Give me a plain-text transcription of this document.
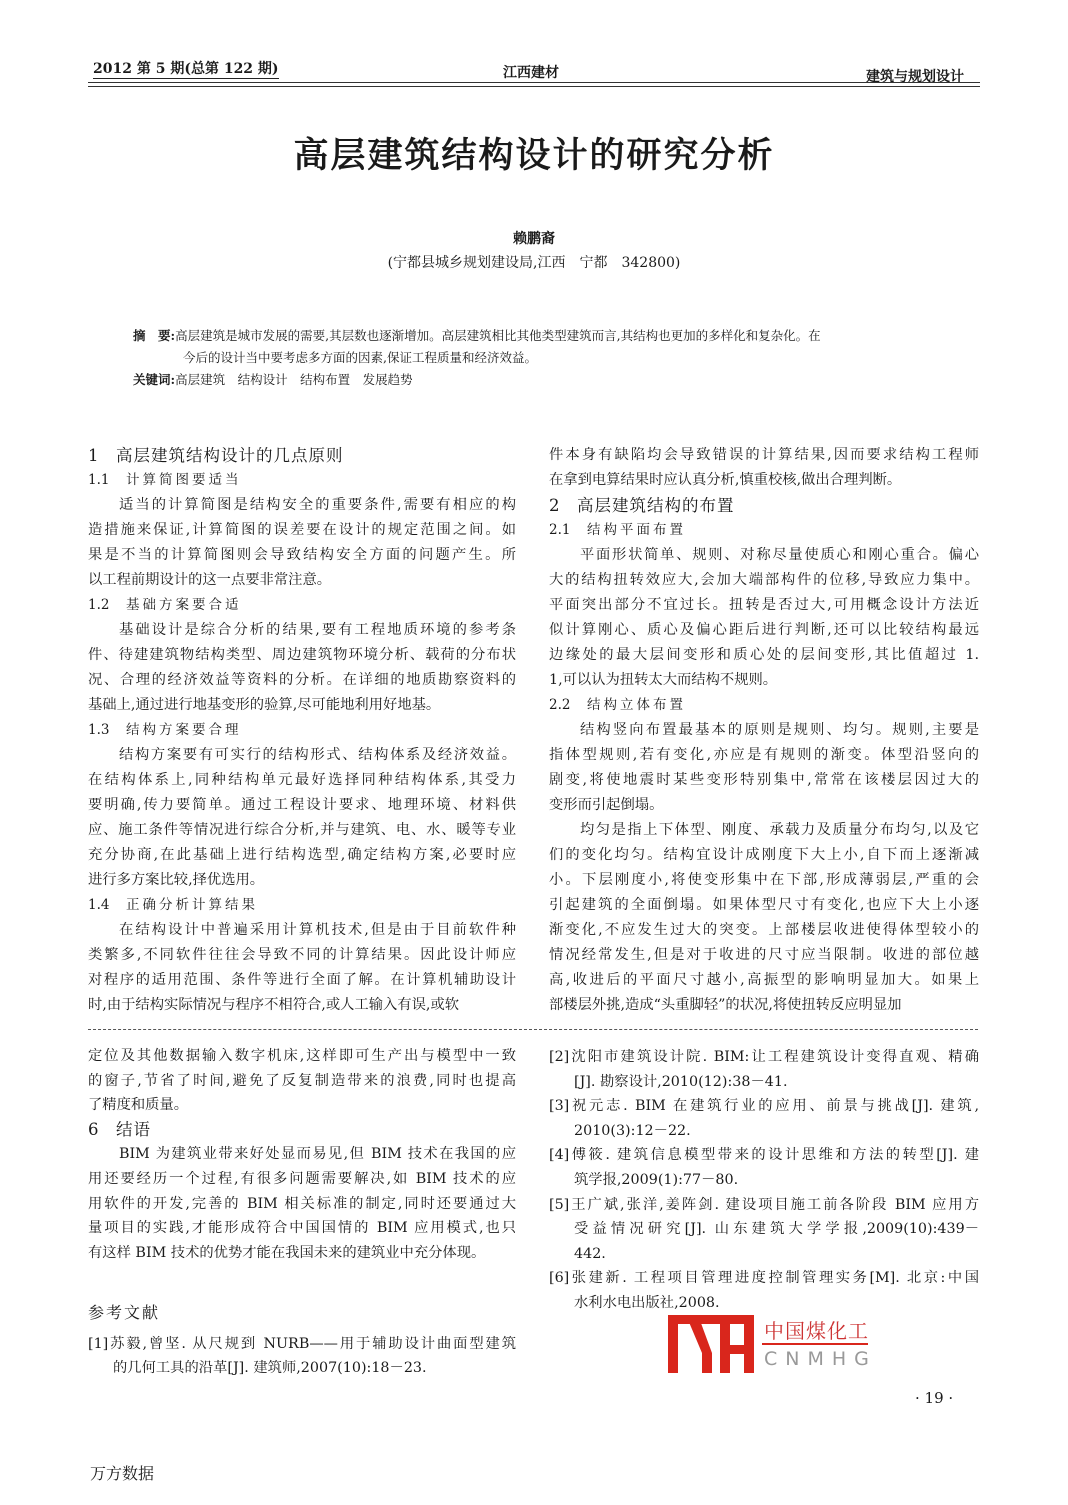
2012 第 5 期(总第 122 期)	江西建材	建筑与规划设计
高层建筑结构设计的研究分析
赖鹏裔
(宁都县城乡规划建设局,江西　宁都　342800)
摘　要:高层建筑是城市发展的需要,其层数也逐渐增加。高层建筑相比其他类型建筑而言,其结构也更加的多样化和复杂化。在
今后的设计当中要考虑多方面的因素,保证工程质量和经济效益。
关键词:高层建筑　结构设计　结构布置　发展趋势
1 高层建筑结构设计的几点原则
1.1 计算简图要适当
适当的计算简图是结构安全的重要条件,需要有相应的构
造措施来保证,计算简图的误差要在设计的规定范围之间。如
果是不当的计算简图则会导致结构安全方面的问题产生。所
以工程前期设计的这一点要非常注意。
1.2 基础方案要合适
基础设计是综合分析的结果,要有工程地质环境的参考条
件、待建建筑物结构类型、周边建筑物环境分析、载荷的分布状
况、合理的经济效益等资料的分析。在详细的地质勘察资料的
基础上,通过进行地基变形的验算,尽可能地利用好地基。
1.3 结构方案要合理
结构方案要有可实行的结构形式、结构体系及经济效益。
在结构体系上,同种结构单元最好选择同种结构体系,其受力
要明确,传力要简单。通过工程设计要求、地理环境、材料供
应、施工条件等情况进行综合分析,并与建筑、电、水、暖等专业
充分协商,在此基础上进行结构选型,确定结构方案,必要时应
进行多方案比较,择优选用。
1.4 正确分析计算结果
在结构设计中普遍采用计算机技术,但是由于目前软件种
类繁多,不同软件往往会导致不同的计算结果。因此设计师应
对程序的适用范围、条件等进行全面了解。在计算机辅助设计
时,由于结构实际情况与程序不相符合,或人工输入有误,或软
件本身有缺陷均会导致错误的计算结果,因而要求结构工程师
在拿到电算结果时应认真分析,慎重校核,做出合理判断。
2 高层建筑结构的布置
2.1 结构平面布置
平面形状简单、规则、对称尽量使质心和刚心重合。偏心
大的结构扭转效应大,会加大端部构件的位移,导致应力集中。
平面突出部分不宜过长。扭转是否过大,可用概念设计方法近
似计算刚心、质心及偏心距后进行判断,还可以比较结构最远
边缘处的最大层间变形和质心处的层间变形,其比值超过 1.
1,可以认为扭转太大而结构不规则。
2.2 结构立体布置
结构竖向布置最基本的原则是规则、均匀。规则,主要是
指体型规则,若有变化,亦应是有规则的渐变。体型沿竖向的
剧变,将使地震时某些变形特别集中,常常在该楼层因过大的
变形而引起倒塌。
均匀是指上下体型、刚度、承载力及质量分布均匀,以及它
们的变化均匀。结构宜设计成刚度下大上小,自下而上逐渐减
小。下层刚度小,将使变形集中在下部,形成薄弱层,严重的会
引起建筑的全面倒塌。如果体型尺寸有变化,也应下大上小逐
渐变化,不应发生过大的突变。上部楼层收进使得体型较小的
情况经常发生,但是对于收进的尺寸应当限制。收进的部位越
高,收进后的平面尺寸越小,高振型的影响明显加大。如果上
部楼层外挑,造成“头重脚轻”的状况,将使扭转反应明显加
定位及其他数据输入数字机床,这样即可生产出与模型中一致
的窗子,节省了时间,避免了反复制造带来的浪费,同时也提高
了精度和质量。
6 结语
BIM 为建筑业带来好处显而易见,但 BIM 技术在我国的应
用还要经历一个过程,有很多问题需要解决,如 BIM 技术的应
用软件的开发,完善的 BIM 相关标准的制定,同时还要通过大
量项目的实践,才能形成符合中国国情的 BIM 应用模式,也只
有这样 BIM 技术的优势才能在我国未来的建筑业中充分体现。
参考文献
[1]苏毅,曾坚. 从尺规到 NURB——用于辅助设计曲面型建筑
的几何工具的沿革[J]. 建筑师,2007(10):18－23.
[2]沈阳市建筑设计院. BIM:让工程建筑设计变得直观、精确
[J]. 勘察设计,2010(12):38－41.
[3]祝元志. BIM 在建筑行业的应用、前景与挑战[J]. 建筑,
2010(3):12－22.
[4]傅筱. 建筑信息模型带来的设计思维和方法的转型[J]. 建
筑学报,2009(1):77－80.
[5]王广斌,张洋,姜阵剑. 建设项目施工前各阶段 BIM 应用方
受益情况研究[J]. 山东建筑大学学报,2009(10):439－
442.
[6]张建新. 工程项目管理进度控制管理实务[M]. 北京:中国
水利水电出版社,2008.
中国煤化工
CNMHG
· 19 ·
万方数据
